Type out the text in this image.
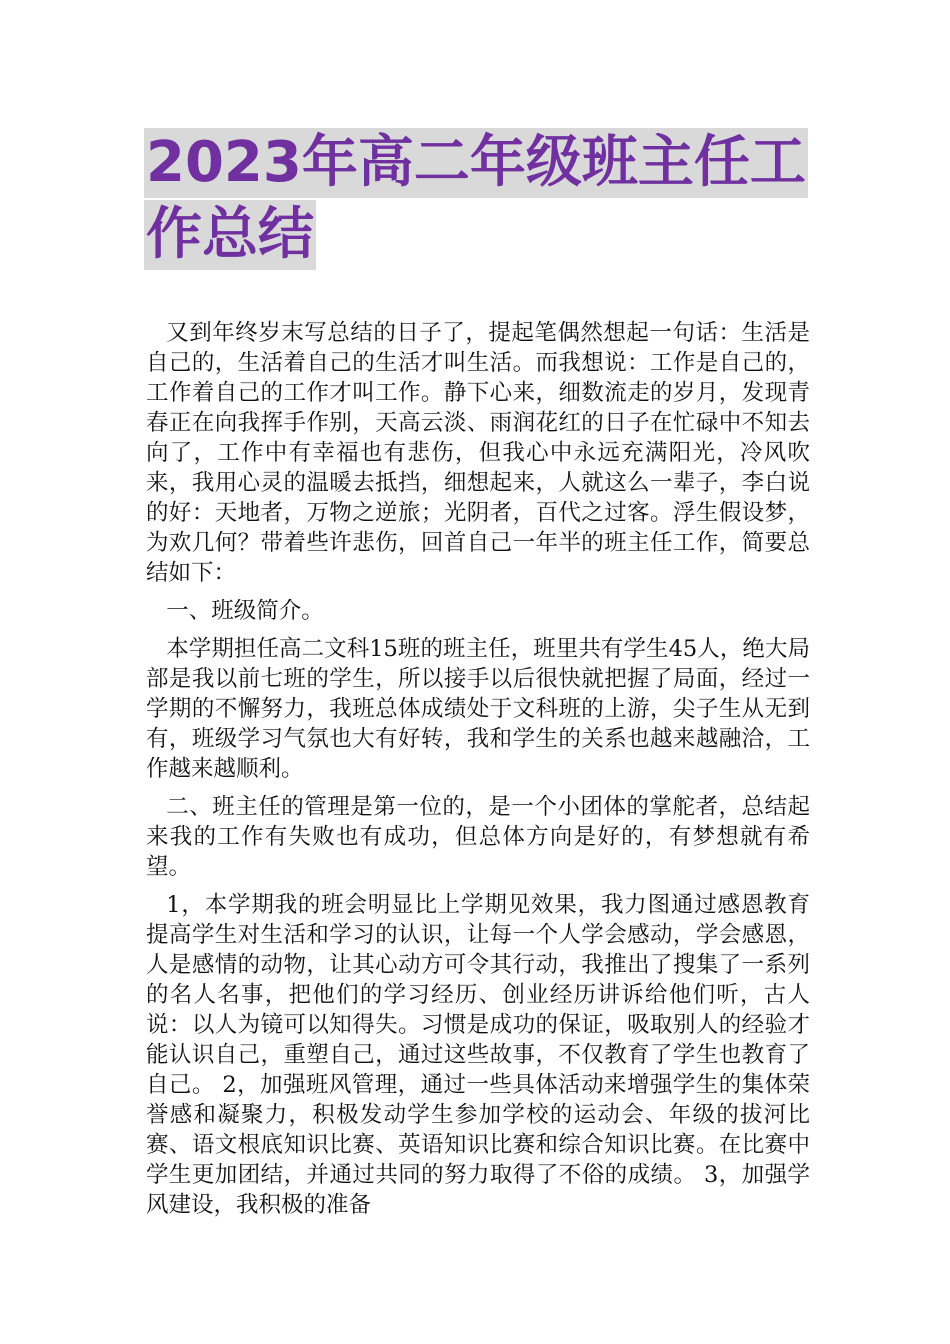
2023年高二年级班主任工
作总结

又到年终岁末写总结的日子了，提起笔偶然想起一句话：生活是自己的，生活着自己的生活才叫生活。而我想说：工作是自己的，工作着自己的工作才叫工作。静下心来，细数流走的岁月，发现青春正在向我挥手作别，天高云淡、雨润花红的日子在忙碌中不知去向了，工作中有幸福也有悲伤，但我心中永远充满阳光，冷风吹来，我用心灵的温暖去抵挡，细想起来，人就这么一辈子，李白说的好：天地者，万物之逆旅；光阴者，百代之过客。浮生假设梦，为欢几何？带着些许悲伤，回首自己一年半的班主任工作，简要总结如下：

一、班级简介。

本学期担任高二文科15班的班主任，班里共有学生45人，绝大局部是我以前七班的学生，所以接手以后很快就把握了局面，经过一学期的不懈努力，我班总体成绩处于文科班的上游，尖子生从无到有，班级学习气氛也大有好转，我和学生的关系也越来越融洽，工作越来越顺利。

二、班主任的管理是第一位的，是一个小团体的掌舵者，总结起来我的工作有失败也有成功，但总体方向是好的，有梦想就有希望。

1，本学期我的班会明显比上学期见效果，我力图通过感恩教育提高学生对生活和学习的认识，让每一个人学会感动，学会感恩，人是感情的动物，让其心动方可令其行动，我推出了搜集了一系列的名人名事，把他们的学习经历、创业经历讲诉给他们听，古人说：以人为镜可以知得失。习惯是成功的保证，吸取别人的经验才能认识自己，重塑自己，通过这些故事，不仅教育了学生也教育了自己。 2，加强班风管理，通过一些具体活动来增强学生的集体荣誉感和凝聚力，积极发动学生参加学校的运动会、年级的拔河比赛、语文根底知识比赛、英语知识比赛和综合知识比赛。在比赛中学生更加团结，并通过共同的努力取得了不俗的成绩。 3，加强学风建设，我积极的准备
